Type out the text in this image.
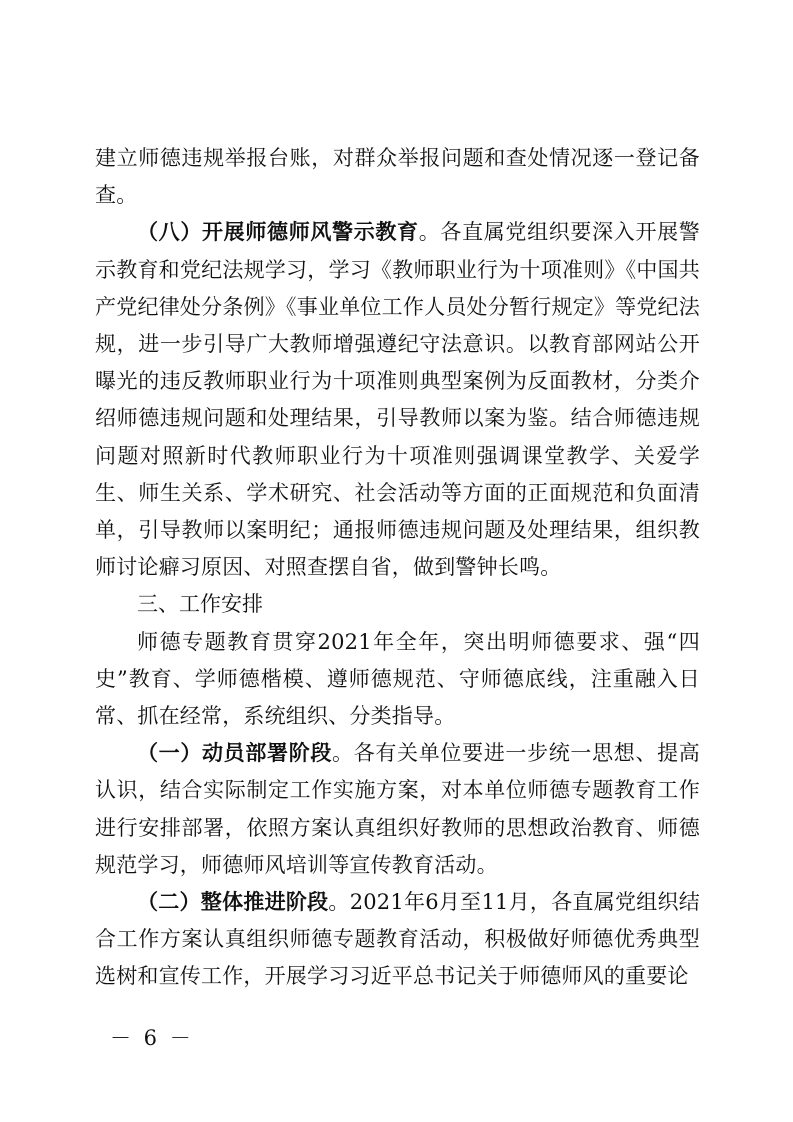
建立师德违规举报台账，对群众举报问题和查处情况逐一登记备查。

（八）开展师德师风警示教育。各直属党组织要深入开展警示教育和党纪法规学习，学习《教师职业行为十项准则》《中国共产党纪律处分条例》《事业单位工作人员处分暂行规定》等党纪法规，进一步引导广大教师增强遵纪守法意识。以教育部网站公开曝光的违反教师职业行为十项准则典型案例为反面教材，分类介绍师德违规问题和处理结果，引导教师以案为鉴。结合师德违规问题对照新时代教师职业行为十项准则强调课堂教学、关爱学生、师生关系、学术研究、社会活动等方面的正面规范和负面清单，引导教师以案明纪；通报师德违规问题及处理结果，组织教师讨论癖习原因、对照查摆自省，做到警钟长鸣。

三、工作安排

师德专题教育贯穿2021年全年，突出明师德要求、强“四史”教育、学师德楷模、遵师德规范、守师德底线，注重融入日常、抓在经常，系统组织、分类指导。

（一）动员部署阶段。各有关单位要进一步统一思想、提高认识，结合实际制定工作实施方案，对本单位师德专题教育工作进行安排部署，依照方案认真组织好教师的思想政治教育、师德规范学习，师德师风培训等宣传教育活动。

（二）整体推进阶段。2021年6月至11月，各直属党组织结合工作方案认真组织师德专题教育活动，积极做好师德优秀典型选树和宣传工作，开展学习习近平总书记关于师德师风的重要论

－ 6 －
